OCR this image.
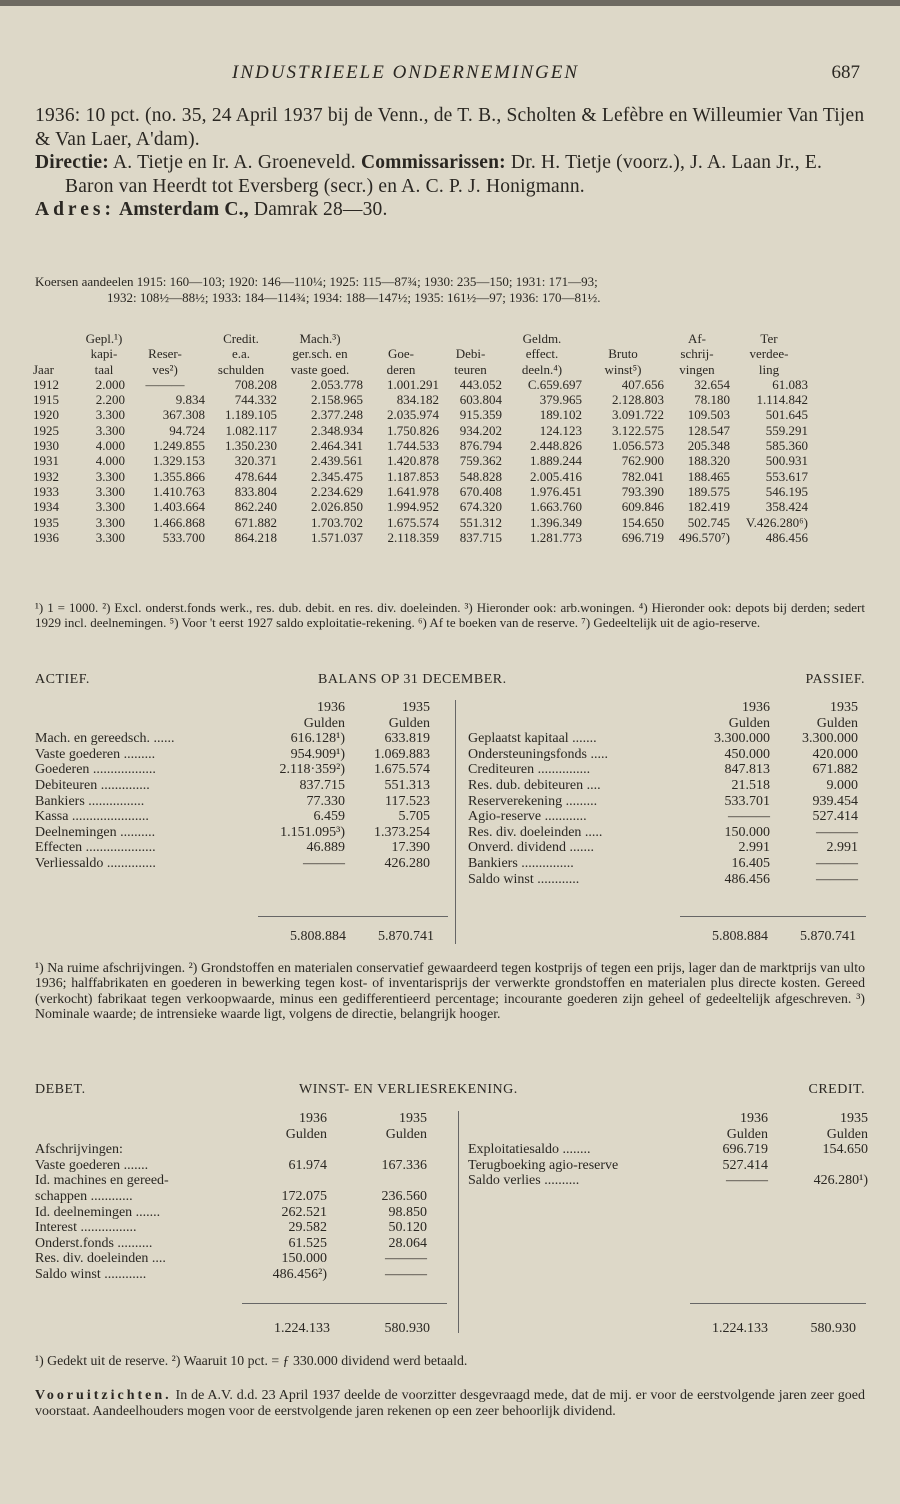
INDUSTRIEELE ONDERNEMINGEN	687

1936: 10 pct. (no. 35, 24 April 1937 bij de Venn., de T. B., Scholten & Lefèbre en Willeumier Van Tijen & Van Laer, A'dam).

Directie: A. Tietje en Ir. A. Groeneveld. Commissarissen: Dr. H. Tietje (voorz.), J. A. Laan Jr., E. Baron van Heerdt tot Eversberg (secr.) en A. C. P. J. Honigmann.

Adres: Amsterdam C., Damrak 28—30.

Koersen aandeelen 1915: 160—103; 1920: 146—110¼; 1925: 115—87¾; 1930: 235—150; 1931: 171—93;
1932: 108½—88½; 1933: 184—114¾; 1934: 188—147½; 1935: 161½—97; 1936: 170—81½.
	Gepl.¹)		Credit.	Mach.³)			Geldm.		Af-	Ter
	kapi-	Reser-	e.a.	ger.sch. en	Goe-	Debi-	effect.	Bruto	schrij-	verdee-
Jaar	taal	ves²)	schulden	vaste goed.	deren	teuren	deeln.⁴)	winst⁵)	vingen	ling
1912	2.000	———	708.208	2.053.778	1.001.291	443.052	C.659.697	407.656	32.654	61.083
1915	2.200	9.834	744.332	2.158.965	834.182	603.804	379.965	2.128.803	78.180	1.114.842
1920	3.300	367.308	1.189.105	2.377.248	2.035.974	915.359	189.102	3.091.722	109.503	501.645
1925	3.300	94.724	1.082.117	2.348.934	1.750.826	934.202	124.123	3.122.575	128.547	559.291
1930	4.000	1.249.855	1.350.230	2.464.341	1.744.533	876.794	2.448.826	1.056.573	205.348	585.360
1931	4.000	1.329.153	320.371	2.439.561	1.420.878	759.362	1.889.244	762.900	188.320	500.931
1932	3.300	1.355.866	478.644	2.345.475	1.187.853	548.828	2.005.416	782.041	188.465	553.617
1933	3.300	1.410.763	833.804	2.234.629	1.641.978	670.408	1.976.451	793.390	189.575	546.195
1934	3.300	1.403.664	862.240	2.026.850	1.994.952	674.320	1.663.760	609.846	182.419	358.424
1935	3.300	1.466.868	671.882	1.703.702	1.675.574	551.312	1.396.349	154.650	502.745	V.426.280⁶)
1936	3.300	533.700	864.218	1.571.037	2.118.359	837.715	1.281.773	696.719	496.570⁷)	486.456
¹) 1 = 1000. ²) Excl. onderst.fonds werk., res. dub. debit. en res. div. doeleinden. ³) Hieronder ook: arb.woningen. ⁴) Hieronder ook: depots bij derden; sedert 1929 incl. deelnemingen. ⁵) Voor 't eerst 1927 saldo exploitatie-rekening. ⁶) Af te boeken van de reserve. ⁷) Gedeeltelijk uit de agio-reserve.
ACTIEF.	BALANS OP 31 DECEMBER.	PASSIEF.
	1936	1935
	Gulden	Gulden
Mach. en gereedsch. ......	616.128¹)	633.819
Vaste goederen .........	954.909¹)	1.069.883
Goederen ..................	2.118·359²)	1.675.574
Debiteuren ..............	837.715	551.313
Bankiers ................	77.330	117.523
Kassa ......................	6.459	5.705
Deelnemingen ..........	1.151.095³)	1.373.254
Effecten ....................	46.889	17.390
Verliessaldo ..............	———	426.280
	1936	1935
	Gulden	Gulden
Geplaatst kapitaal .......	3.300.000	3.300.000
Ondersteuningsfonds .....	450.000	420.000
Crediteuren ...............	847.813	671.882
Res. dub. debiteuren ....	21.518	9.000
Reserverekening .........	533.701	939.454
Agio-reserve ............	———	527.414
Res. div. doeleinden .....	150.000	———
Onverd. dividend .......	2.991	2.991
Bankiers ...............	16.405	———
Saldo winst ............	486.456	———
5.808.884 5.870.741	5.808.884 5.870.741
¹) Na ruime afschrijvingen. ²) Grondstoffen en materialen conservatief gewaardeerd tegen kostprijs of tegen een prijs, lager dan de marktprijs van ulto 1936; halffabrikaten en goederen in bewerking tegen kost- of inventarisprijs der verwerkte grondstoffen en materialen plus directe kosten. Gereed (verkocht) fabrikaat tegen verkoopwaarde, minus een gedifferentieerd percentage; incourante goederen zijn geheel of gedeeltelijk afgeschreven. ³) Nominale waarde; de intrensieke waarde ligt, volgens de directie, belangrijk hooger.
DEBET.	WINST- EN VERLIESREKENING.	CREDIT.
	1936	1935
	Gulden	Gulden
Afschrijvingen:		
Vaste goederen .......	61.974	167.336
Id. machines en gereed-		
schappen ............	172.075	236.560
Id. deelnemingen .......	262.521	98.850
Interest ................	29.582	50.120
Onderst.fonds ..........	61.525	28.064
Res. div. doeleinden ....	150.000	———
Saldo winst ............	486.456²)	———
	1936	1935
	Gulden	Gulden
Exploitatiesaldo ........	696.719	154.650
Terugboeking agio-reserve	527.414	
Saldo verlies ..........	———	426.280¹)
1.224.133	580.930	1.224.133	580.930
¹) Gedekt uit de reserve. ²) Waaruit 10 pct. = ƒ 330.000 dividend werd betaald.
Vooruitzichten. In de A.V. d.d. 23 April 1937 deelde de voorzitter desgevraagd mede, dat de mij. er voor de eerstvolgende jaren zeer goed voorstaat. Aandeelhouders mogen voor de eerstvolgende jaren rekenen op een zeer behoorlijk dividend.
